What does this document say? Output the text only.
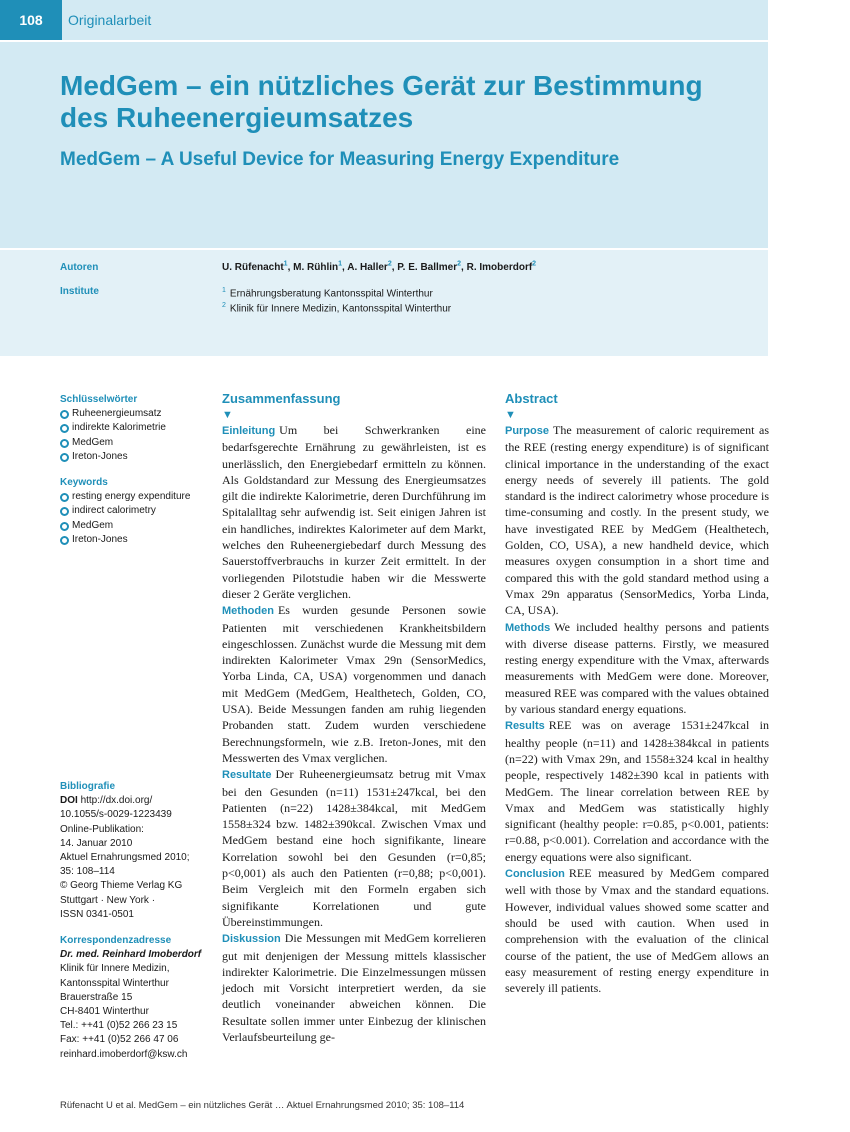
108	Originalarbeit
MedGem – ein nützliches Gerät zur Bestimmung
des Ruheenergieumsatzes
MedGem – A Useful Device for Measuring Energy Expenditure
Autoren
Institute
U. Rüfenacht$^1$, M. Rühlin$^1$, A. Haller$^2$, P. E. Ballmer$^2$, R. Imoberdorf$^2$
$^1$ Ernährungsberatung Kantonsspital Winterthur
$^2$ Klinik für Innere Medizin, Kantonsspital Winterthur
Schlüsselwörter
Ruheenergieumsatz
indirekte Kalorimetrie
MedGem
Ireton-Jones
Keywords
resting energy expenditure
indirect calorimetry
MedGem
Ireton-Jones
Bibliografie
DOI http://dx.doi.org/
10.1055/s-0029-1223439
Online-Publikation:
14. Januar 2010
Aktuel Ernahrungsmed 2010;
35: 108–114
© Georg Thieme Verlag KG
Stuttgart · New York ·
ISSN 0341-0501
Korrespondenzadresse
Dr. med. Reinhard Imoberdorf
Klinik für Innere Medizin,
Kantonsspital Winterthur
Brauerstraße 15
CH-8401 Winterthur
Tel.: ++41 (0)52 266 23 15
Fax: ++41 (0)52 266 47 06
reinhard.imoberdorf@ksw.ch
Zusammenfassung
▼

Einleitung Um bei Schwerkranken eine bedarfsgerechte Ernährung zu gewährleisten, ist es unerlässlich, den Energiebedarf ermitteln zu können. Als Goldstandard zur Messung des Energieumsatzes gilt die indirekte Kalorimetrie, deren Durchführung im Spitalalltag sehr aufwendig ist. Seit einigen Jahren ist ein handliches, indirektes Kalorimeter auf dem Markt, welches den Ruheenergiebedarf durch Messung des Sauerstoffverbrauchs in kurzer Zeit ermittelt. In der vorliegenden Pilotstudie haben wir die Messwerte dieser 2 Geräte verglichen.

Methoden Es wurden gesunde Personen sowie Patienten mit verschiedenen Krankheitsbildern eingeschlossen. Zunächst wurde die Messung mit dem indirekten Kalorimeter Vmax 29n (SensorMedics, Yorba Linda, CA, USA) vorgenommen und danach mit MedGem (MedGem, Healthetech, Golden, CO, USA). Beide Messungen fanden am ruhig liegenden Probanden statt. Zudem wurden verschiedene Berechnungsformeln, wie z.B. Ireton-Jones, mit den Messwerten des Vmax verglichen.

Resultate Der Ruheenergieumsatz betrug mit Vmax bei den Gesunden (n=11) 1531±247kcal, bei den Patienten (n=22) 1428±384kcal, mit MedGem 1558±324 bzw. 1482±390kcal. Zwischen Vmax und MedGem bestand eine hoch signifikante, lineare Korrelation sowohl bei den Gesunden (r=0,85; p<0,001) als auch den Patienten (r=0,88; p<0,001). Beim Vergleich mit den Formeln ergaben sich signifikante Korrelationen und gute Übereinstimmungen.

Diskussion Die Messungen mit MedGem korrelieren gut mit denjenigen der Messung mittels klassischer indirekter Kalorimetrie. Die Einzelmessungen müssen jedoch mit Vorsicht interpretiert werden, da sie deutlich voneinander abweichen können. Die Resultate sollen immer unter Einbezug der klinischen Verlaufsbeurteilung ge-

Abstract
▼

Purpose The measurement of caloric requirement as the REE (resting energy expenditure) is of significant clinical importance in the understanding of the exact energy needs of severely ill patients. The gold standard is the indirect calorimetry whose procedure is time-consuming and costly. In the present study, we have investigated REE by MedGem (Healthetech, Golden, CO, USA), a new handheld device, which measures oxygen consumption in a short time and compared this with the gold standard method using a Vmax 29n apparatus (SensorMedics, Yorba Linda, CA, USA).

Methods We included healthy persons and patients with diverse disease patterns. Firstly, we measured resting energy expenditure with the Vmax, afterwards measurements with MedGem were done. Moreover, measured REE was compared with the values obtained by various standard energy equations.

Results REE was on average 1531±247kcal in healthy people (n=11) and 1428±384kcal in patients (n=22) with Vmax 29n, and 1558±324 kcal in healthy people, respectively 1482±390 kcal in patients with MedGem. The linear correlation between REE by Vmax and MedGem was statistically highly significant (healthy people: r=0.85, p<0.001, patients: r=0.88, p<0.001). Correlation and accordance with the energy equations were also significant.

Conclusion REE measured by MedGem compared well with those by Vmax and the standard equations. However, individual values showed some scatter and should be used with caution. When used in comprehension with the evaluation of the clinical course of the patient, the use of MedGem allows an easy measurement of resting energy expenditure in severely ill patients.

Rüfenacht U et al. MedGem – ein nützliches Gerät … Aktuel Ernahrungsmed 2010; 35: 108–114
